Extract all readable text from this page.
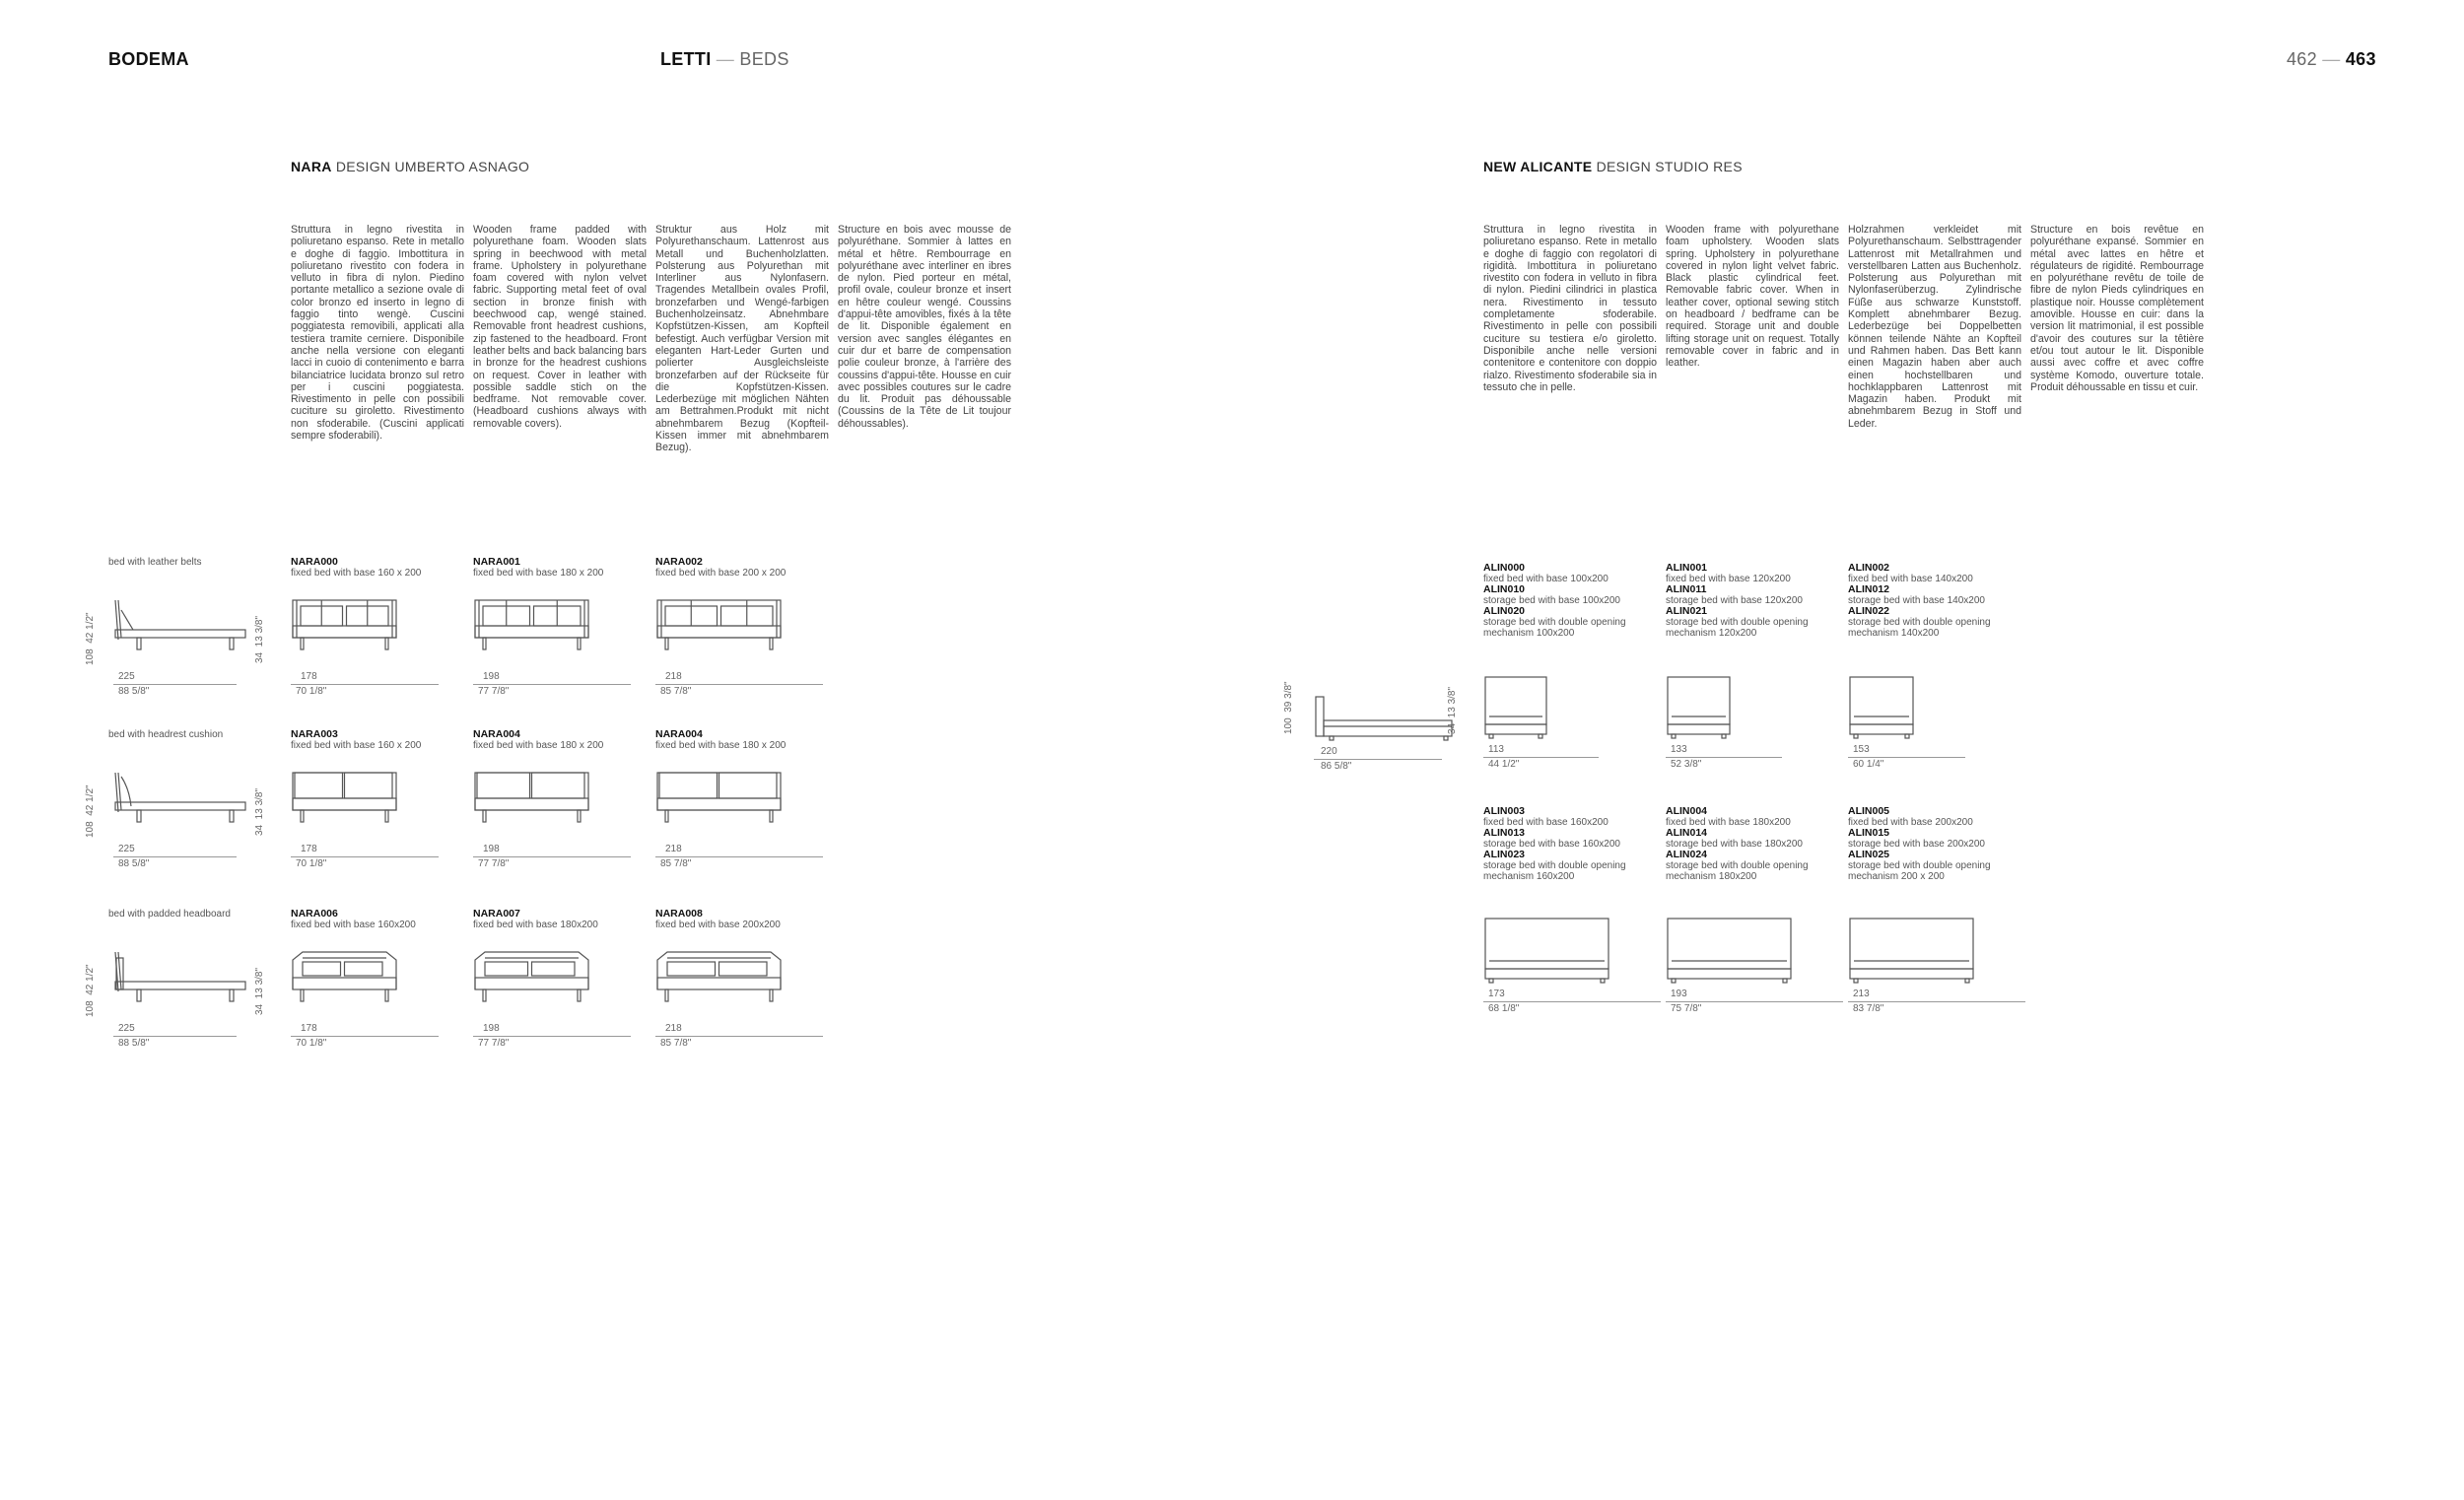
BODEMA	LETTI — BEDS	462 — 463
NARA DESIGN UMBERTO ASNAGO
Struttura in legno rivestita in poliuretano espanso. Rete in metallo e doghe di faggio. Imbottitura in poliuretano rivestito con fodera in velluto in fibra di nylon. Piedino portante metallico a sezione ovale di color bronzo ed inserto in legno di faggio tinto wengè. Cuscini poggiatesta removibili, applicati alla testiera tramite cerniere. Disponibile anche nella versione con eleganti lacci in cuoio di contenimento e barra bilanciatrice lucidata bronzo sul retro per i cuscini poggiatesta. Rivestimento in pelle con possibili cuciture su giroletto. Rivestimento non sfoderabile. (Cuscini applicati sempre sfoderabili).
Wooden frame padded with polyurethane foam. Wooden slats spring in beechwood with metal frame. Upholstery in polyurethane foam covered with nylon velvet fabric. Supporting metal feet of oval section in bronze finish with beechwood cap, wengé stained. Removable front headrest cushions, zip fastened to the headboard. Front leather belts and back balancing bars in bronze for the headrest cushions on request. Cover in leather with possible saddle stich on the bedframe. Not removable cover. (Headboard cushions always with removable covers).
Struktur aus Holz mit Polyurethanschaum. Lattenrost aus Metall und Buchenholzlatten. Polsterung aus Polyurethan mit Interliner aus Nylonfasern. Tragendes Metallbein ovales Profil, bronzefarben und Wengé-farbigen Buchenholzeinsatz. Abnehmbare Kopfstützen-Kissen, am Kopfteil befestigt. Auch verfügbar Version mit eleganten Hart-Leder Gurten und polierter Ausgleichsleiste bronzefarben auf der Rückseite für die Kopfstützen-Kissen. Lederbezüge mit möglichen Nähten am Bettrahmen.Produkt mit nicht abnehmbarem Bezug (Kopfteil-Kissen immer mit abnehmbarem Bezug).
Structure en bois avec mousse de polyuréthane. Sommier à lattes en métal et hêtre. Rembourrage en polyuréthane avec interliner en ibres de nylon. Pied porteur en métal, profil ovale, couleur bronze et insert en hêtre couleur wengé. Coussins d'appui-tête amovibles, fixés à la tête de lit. Disponible également en version avec sangles élégantes en cuir dur et barre de compensation polie couleur bronze, à l'arrière des coussins d'appui-tête. Housse en cuir avec possibles coutures sur le cadre du lit. Produit pas déhoussable (Coussins de la Tête de Lit toujour déhoussables).
NEW ALICANTE DESIGN STUDIO RES
Struttura in legno rivestita in poliuretano espanso. Rete in metallo e doghe di faggio con regolatori di rigidità. Imbottitura in poliuretano rivestito con fodera in velluto in fibra di nylon. Piedini cilindrici in plastica nera. Rivestimento in tessuto completamente sfoderabile. Rivestimento in pelle con possibili cuciture su testiera e/o giroletto. Disponibile anche nelle versioni contenitore e contenitore con doppio rialzo. Rivestimento sfoderabile sia in tessuto che in pelle.
Wooden frame with polyurethane foam upholstery. Wooden slats spring. Upholstery in polyurethane covered in nylon light velvet fabric. Black plastic cylindrical feet. Removable fabric cover. When in leather cover, optional sewing stitch on headboard / bedframe can be required. Storage unit and double lifting storage unit on request. Totally removable cover in fabric and in leather.
Holzrahmen verkleidet mit Polyurethanschaum. Selbsttragender Lattenrost mit Metallrahmen und verstellbaren Latten aus Buchenholz. Polsterung aus Polyurethan mit Nylonfaserüberzug. Zylindrische Füße aus schwarze Kunststoff. Komplett abnehmbarer Bezug. Lederbezüge bei Doppelbetten können teilende Nähte an Kopfteil und Rahmen haben. Das Bett kann einen Magazin haben aber auch einen hochstellbaren und hochklappbaren Lattenrost mit Magazin haben. Produkt mit abnehmbarem Bezug in Stoff und Leder.
Structure en bois revêtue en polyuréthane expansé. Sommier en métal avec lattes en hêtre et régulateurs de rigidité. Rembourrage en polyuréthane revêtu de toile de fibre de nylon Pieds cylindriques en plastique noir. Housse complètement amovible. Housse en cuir: dans la version lit matrimonial, il est possible d'avoir des coutures sur la têtière et/ou tout autour le lit. Disponible aussi avec coffre et avec coffre système Komodo, ouverture totale. Produit déhoussable en tissu et cuir.
bed with leather belts
108  42 1/2"
34  13 3/8"
225
88 5/8"
NARA000
fixed bed with base 160 x 200
178
70 1/8"
NARA001
fixed bed with base 180 x 200
198
77 7/8"
NARA002
fixed bed with base 200 x 200
218
85 7/8"
bed with headrest cushion
108  42 1/2"
34  13 3/8"
225
88 5/8"
NARA003
fixed bed with base 160 x 200
178
70 1/8"
NARA004
fixed bed with base 180 x 200
198
77 7/8"
NARA004
fixed bed with base 180 x 200
218
85 7/8"
bed with padded headboard
108  42 1/2"
34  13 3/8"
225
88 5/8"
NARA006
fixed bed with base 160x200
178
70 1/8"
NARA007
fixed bed with base 180x200
198
77 7/8"
NARA008
fixed bed with base 200x200
218
85 7/8"
100  39 3/8"
34  13 3/8"
220
86 5/8"
ALIN000
fixed bed with base 100x200
ALIN010
storage bed with base 100x200
ALIN020
storage bed with double opening mechanism 100x200
113
44 1/2"
ALIN001
fixed bed with base 120x200
ALIN011
storage bed with base 120x200
ALIN021
storage bed with double opening mechanism 120x200
133
52 3/8"
ALIN002
fixed bed with base 140x200
ALIN012
storage bed with base 140x200
ALIN022
storage bed with double opening mechanism 140x200
153
60 1/4"
ALIN003
fixed bed with base 160x200
ALIN013
storage bed with base 160x200
ALIN023
storage bed with double opening mechanism 160x200
173
68 1/8"
ALIN004
fixed bed with base 180x200
ALIN014
storage bed with base 180x200
ALIN024
storage bed with double opening mechanism 180x200
193
75 7/8"
ALIN005
fixed bed with base 200x200
ALIN015
storage bed with base 200x200
ALIN025
storage bed with double opening mechanism 200 x 200
213
83 7/8"
